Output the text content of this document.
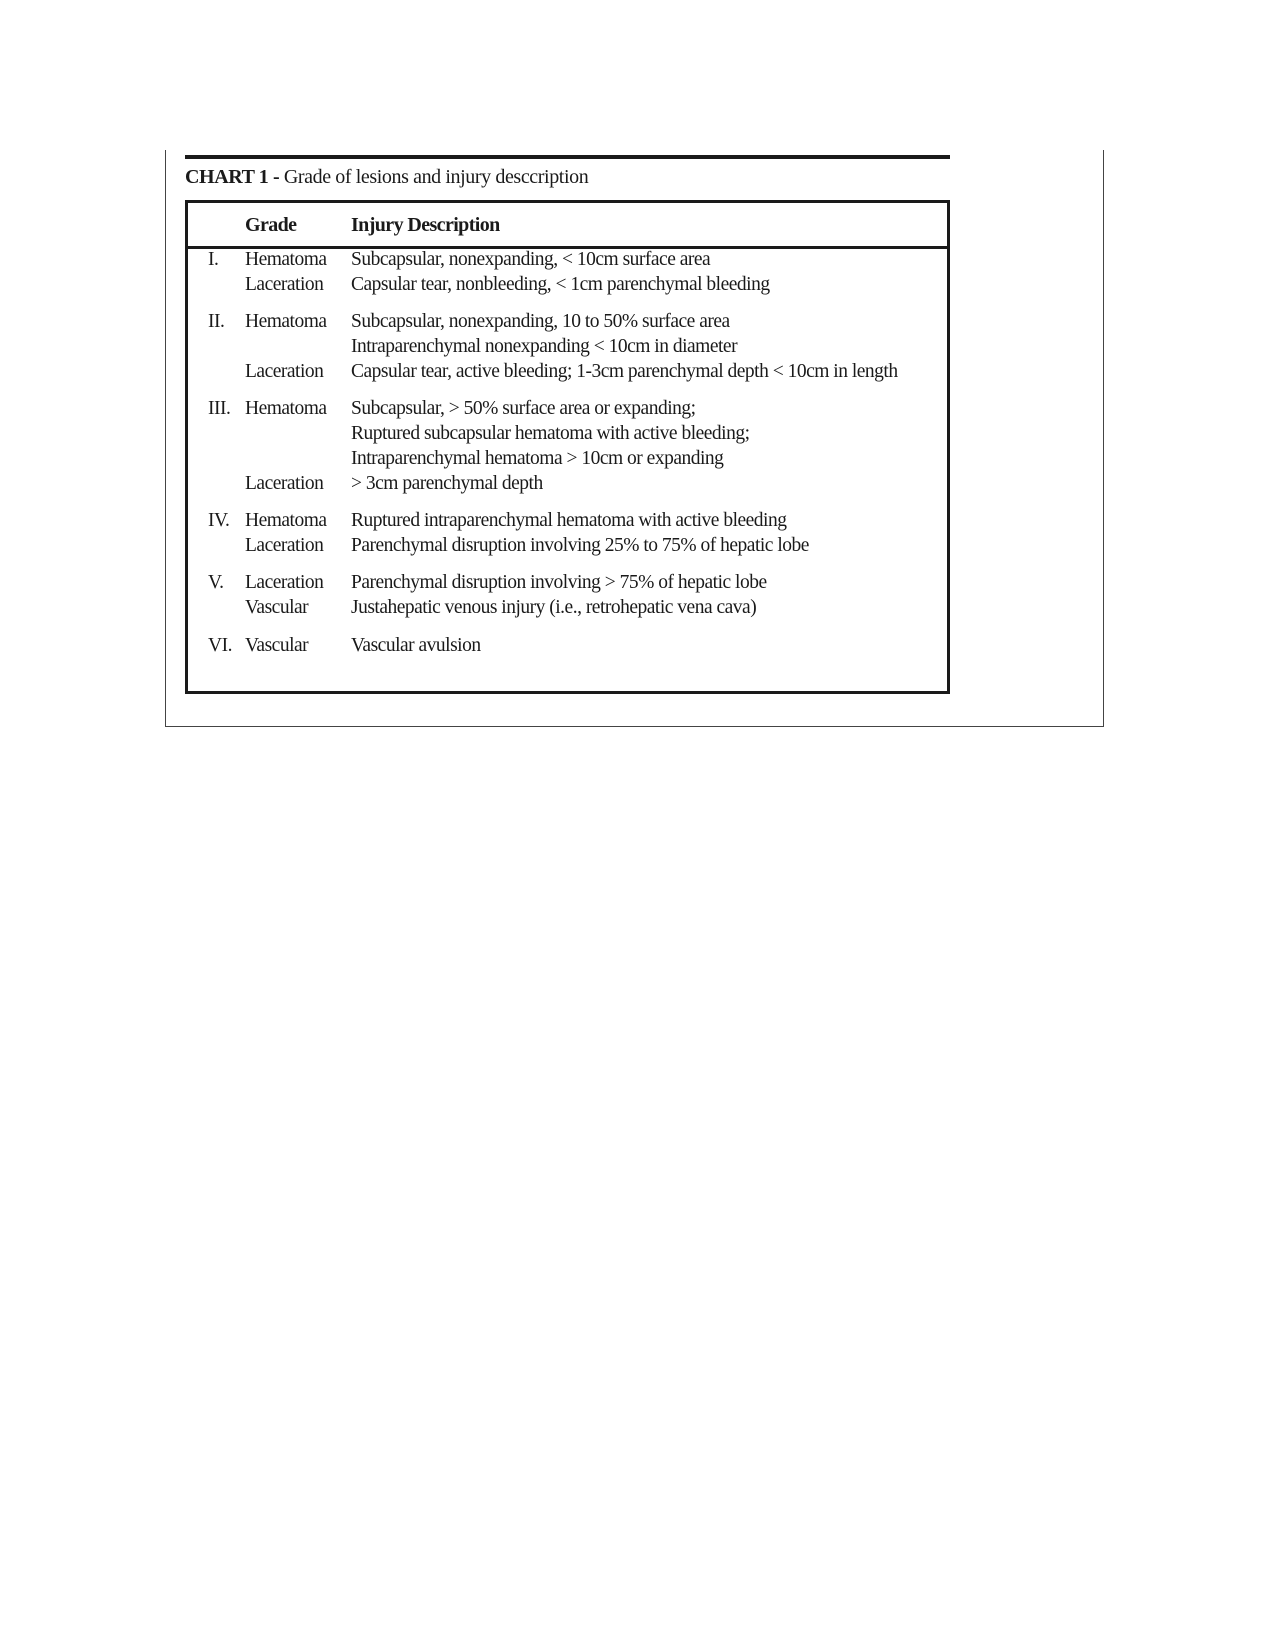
CHART 1 - Grade of lesions and injury desccription
Grade	Injury Description
I. Hematoma Subcapsular, nonexpanding, < 10cm surface area
Laceration Capsular tear, nonbleeding, < 1cm parenchymal bleeding
II. Hematoma Subcapsular, nonexpanding, 10 to 50% surface area
Intraparenchymal nonexpanding < 10cm in diameter
Laceration Capsular tear, active bleeding; 1-3cm parenchymal depth < 10cm in length
III. Hematoma Subcapsular, > 50% surface area or expanding;
Ruptured subcapsular hematoma with active bleeding;
Intraparenchymal hematoma > 10cm or expanding
Laceration > 3cm parenchymal depth
IV. Hematoma Ruptured intraparenchymal hematoma with active bleeding
Laceration Parenchymal disruption involving 25% to 75% of hepatic lobe
V. Laceration Parenchymal disruption involving > 75% of hepatic lobe
Vascular Justahepatic venous injury (i.e., retrohepatic vena cava)
VI. Vascular Vascular avulsion
